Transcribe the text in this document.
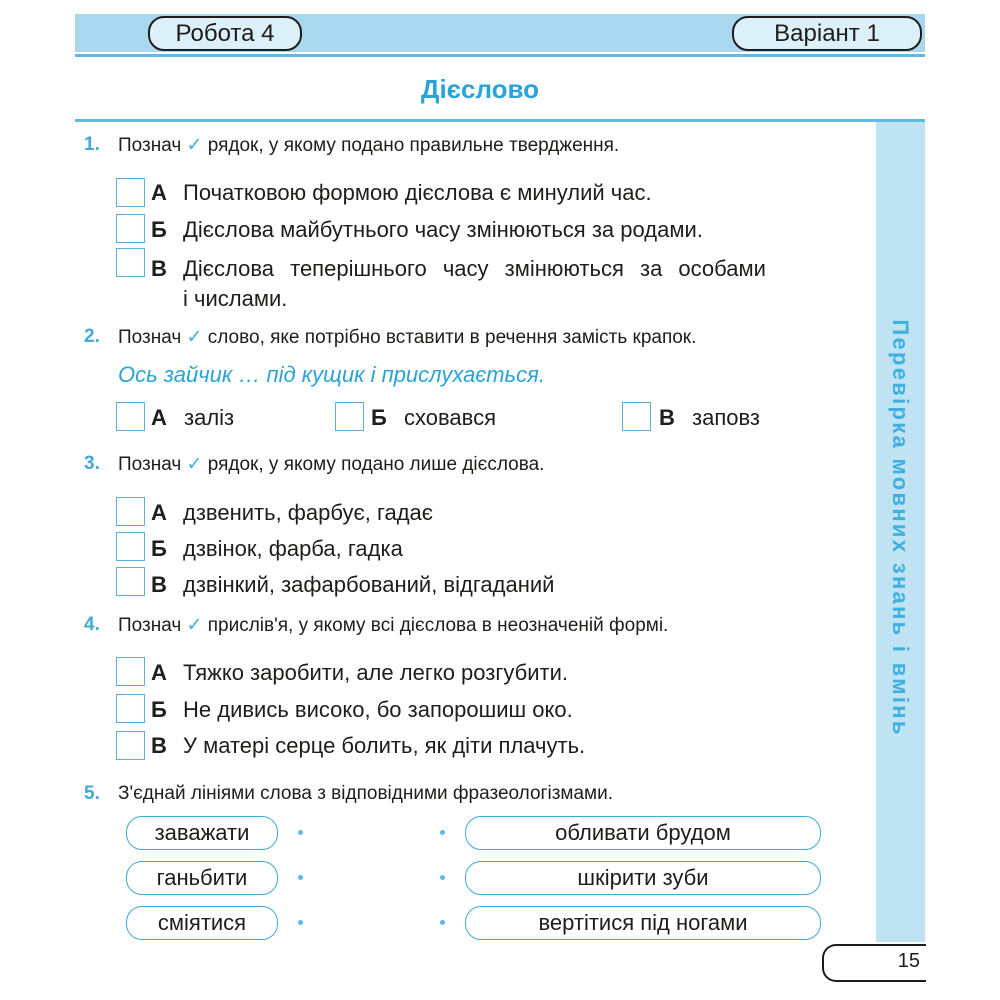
Робота 4	Варіант 1
Дієслово
Перевірка мовних знань і вмінь
1. Познач ✓ рядок, у якому подано правильне твердження.
А Початковою формою дієслова є минулий час.
Б Дієслова майбутнього часу змінюються за родами.
В Дієслова теперішнього часу змінюються за особами
і числами.
2. Познач ✓ слово, яке потрібно вставити в речення замість крапок.
Ось зайчик … під кущик і прислухається.
А заліз	Б сховався	В заповз
3. Познач ✓ рядок, у якому подано лише дієслова.
А дзвенить, фарбує, гадає
Б дзвінок, фарба, гадка
В дзвінкий, зафарбований, відгаданий
4. Познач ✓ прислів'я, у якому всі дієслова в неозначеній формі.
А Тяжко заробити, але легко розгубити.
Б Не дивись високо, бо запорошиш око.
В У матері серце болить, як діти плачуть.
5. З'єднай лініями слова з відповідними фразеологізмами.
заважати
ганьбити
сміятися
обливати брудом
шкірити зуби
вертітися під ногами
15
